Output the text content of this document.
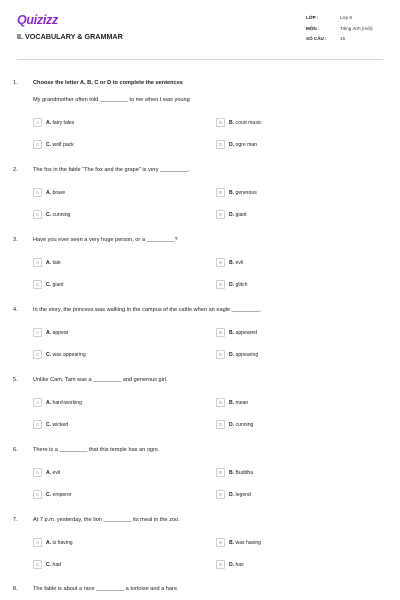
Quizizz
II. VOCABULARY & GRAMMAR
LỚP :	Lớp 8
MÔN :	Tiếng Anh (mới)
SỐ CÂU :	15
1.	Choose the letter A, B, C or D to complete the sentences
My grandmother often told _________ to me when I was young
A	A. fairy tales	B	B. court music
C	C. wolf pack	D	D. ogre man
2.	The fox in the fable "The fox and the grape" is very _________.
A	A. brave	B	B. generous
C	C. cunning	D	D. giant
3.	Have you ever seen a very huge person, or a _________?
A	A. tale	B	B. evil
C	C. giant	D	D. glitch
4.	In the story, the princess was walking in the campus of the cattle when an eagle _________.
A	A. appear	B	B. appeared
C	C. was appearing	D	D. appearing
5.	Unlike Cam, Tam was a _________ and generous girl.
A	A. hard-working	B	B. mean
C	C. wicked	D	D. cunning
6.	There is a _________ that this temple has an ogre.
A	A. evil	B	B. Buddha
C	C. emperor	D	D. legend
7.	At 7 p.m. yesterday, the lion _________ its meal in the zoo.
A	A. is having	B	B. was having
C	C. had	D	D. has
8.	The fable is about a race _________ a tortoise and a hare.
